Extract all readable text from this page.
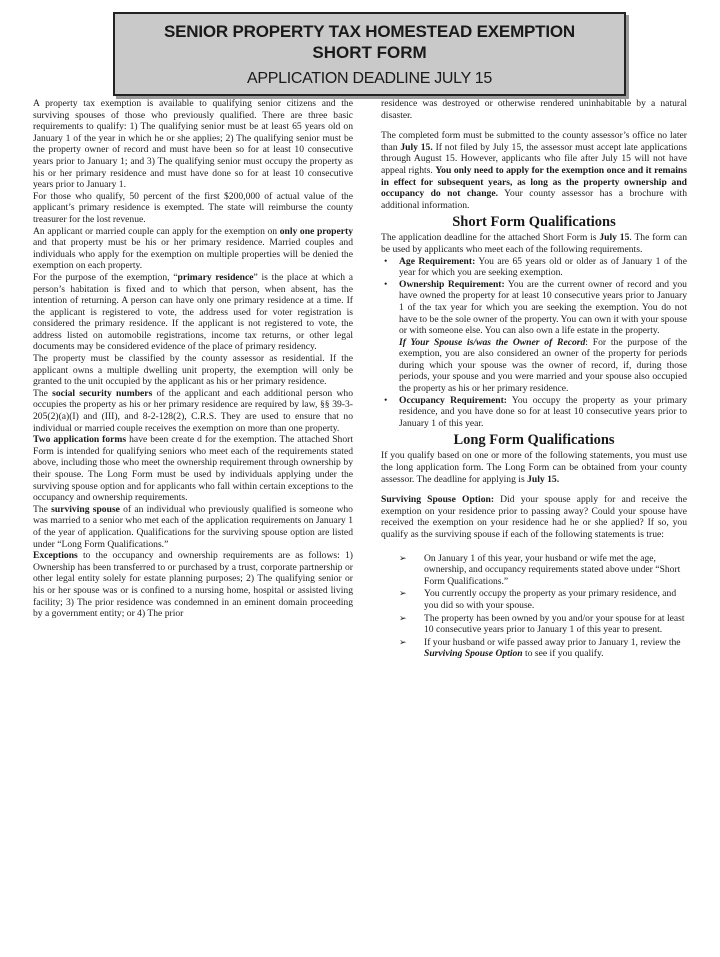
SENIOR PROPERTY TAX HOMESTEAD EXEMPTION
SHORT FORM
APPLICATION DEADLINE JULY 15

A property tax exemption is available to qualifying senior citizens and the surviving spouses of those who previously qualified. There are three basic requirements to qualify: 1) The qualifying senior must be at least 65 years old on January 1 of the year in which he or she applies; 2) The qualifying senior must be the property owner of record and must have been so for at least 10 consecutive years prior to January 1; and 3) The qualifying senior must occupy the property as his or her primary residence and must have done so for at least 10 consecutive years prior to January 1.

For those who qualify, 50 percent of the first $200,000 of actual value of the applicant’s primary residence is exempted. The state will reimburse the county treasurer for the lost revenue.

An applicant or married couple can apply for the exemption on only one property and that property must be his or her primary residence. Married couples and individuals who apply for the exemption on multiple properties will be denied the exemption on each property.

For the purpose of the exemption, “primary residence” is the place at which a person’s habitation is fixed and to which that person, when absent, has the intention of returning. A person can have only one primary residence at a time. If the applicant is registered to vote, the address used for voter registration is considered the primary residence. If the applicant is not registered to vote, the address listed on automobile registrations, income tax returns, or other legal documents may be considered evidence of the place of primary residency.

The property must be classified by the county assessor as residential. If the applicant owns a multiple dwelling unit property, the exemption will only be granted to the unit occupied by the applicant as his or her primary residence.

The social security numbers of the applicant and each additional person who occupies the property as his or her primary residence are required by law, §§ 39-3-205(2)(a)(I) and (III), and 8-2-128(2), C.R.S. They are used to ensure that no individual or married couple receives the exemption on more than one property.

Two application forms have been create d for the exemption. The attached Short Form is intended for qualifying seniors who meet each of the requirements stated above, including those who meet the ownership requirement through ownership by their spouse. The Long Form must be used by individuals applying under the surviving spouse option and for applicants who fall within certain exceptions to the occupancy and ownership requirements.

The surviving spouse of an individual who previously qualified is someone who was married to a senior who met each of the application requirements on January 1 of the year of application. Qualifications for the surviving spouse option are listed under “Long Form Qualifications.”

Exceptions to the occupancy and ownership requirements are as follows: 1) Ownership has been transferred to or purchased by a trust, corporate partnership or other legal entity solely for estate planning purposes; 2) The qualifying senior or his or her spouse was or is confined to a nursing home, hospital or assisted living facility; 3) The prior residence was condemned in an eminent domain proceeding by a government entity; or 4) The prior

residence was destroyed or otherwise rendered uninhabitable by a natural disaster.

The completed form must be submitted to the county assessor’s office no later than July 15. If not filed by July 15, the assessor must accept late applications through August 15. However, applicants who file after July 15 will not have appeal rights. You only need to apply for the exemption once and it remains in effect for subsequent years, as long as the property ownership and occupancy do not change. Your county assessor has a brochure with additional information.

Short Form Qualifications

The application deadline for the attached Short Form is July 15. The form can be used by applicants who meet each of the following requirements.

• Age Requirement: You are 65 years old or older as of January 1 of the year for which you are seeking exemption.
• Ownership Requirement: You are the current owner of record and you have owned the property for at least 10 consecutive years prior to January 1 of the tax year for which you are seeking the exemption. You do not have to be the sole owner of the property. You can own it with your spouse or with someone else. You can also own a life estate in the property.

If Your Spouse is/was the Owner of Record: For the purpose of the exemption, you are also considered an owner of the property for periods during which your spouse was the owner of record, if, during those periods, your spouse and you were married and your spouse also occupied the property as his or her primary residence.

• Occupancy Requirement: You occupy the property as your primary residence, and you have done so for at least 10 consecutive years prior to January 1 of this year.
Long Form Qualifications

If you qualify based on one or more of the following statements, you must use the long application form. The Long Form can be obtained from your county assessor. The deadline for applying is July 15.

Surviving Spouse Option: Did your spouse apply for and receive the exemption on your residence prior to passing away? Could your spouse have received the exemption on your residence had he or she applied? If so, you qualify as the surviving spouse if each of the following statements is true:

➢ On January 1 of this year, your husband or wife met the age, ownership, and occupancy requirements stated above under “Short Form Qualifications.”
➢ You currently occupy the property as your primary residence, and you did so with your spouse.
➢ The property has been owned by you and/or your spouse for at least 10 consecutive years prior to January 1 of this year to present.
➢ If your husband or wife passed away prior to January 1, review the Surviving Spouse Option to see if you qualify.
